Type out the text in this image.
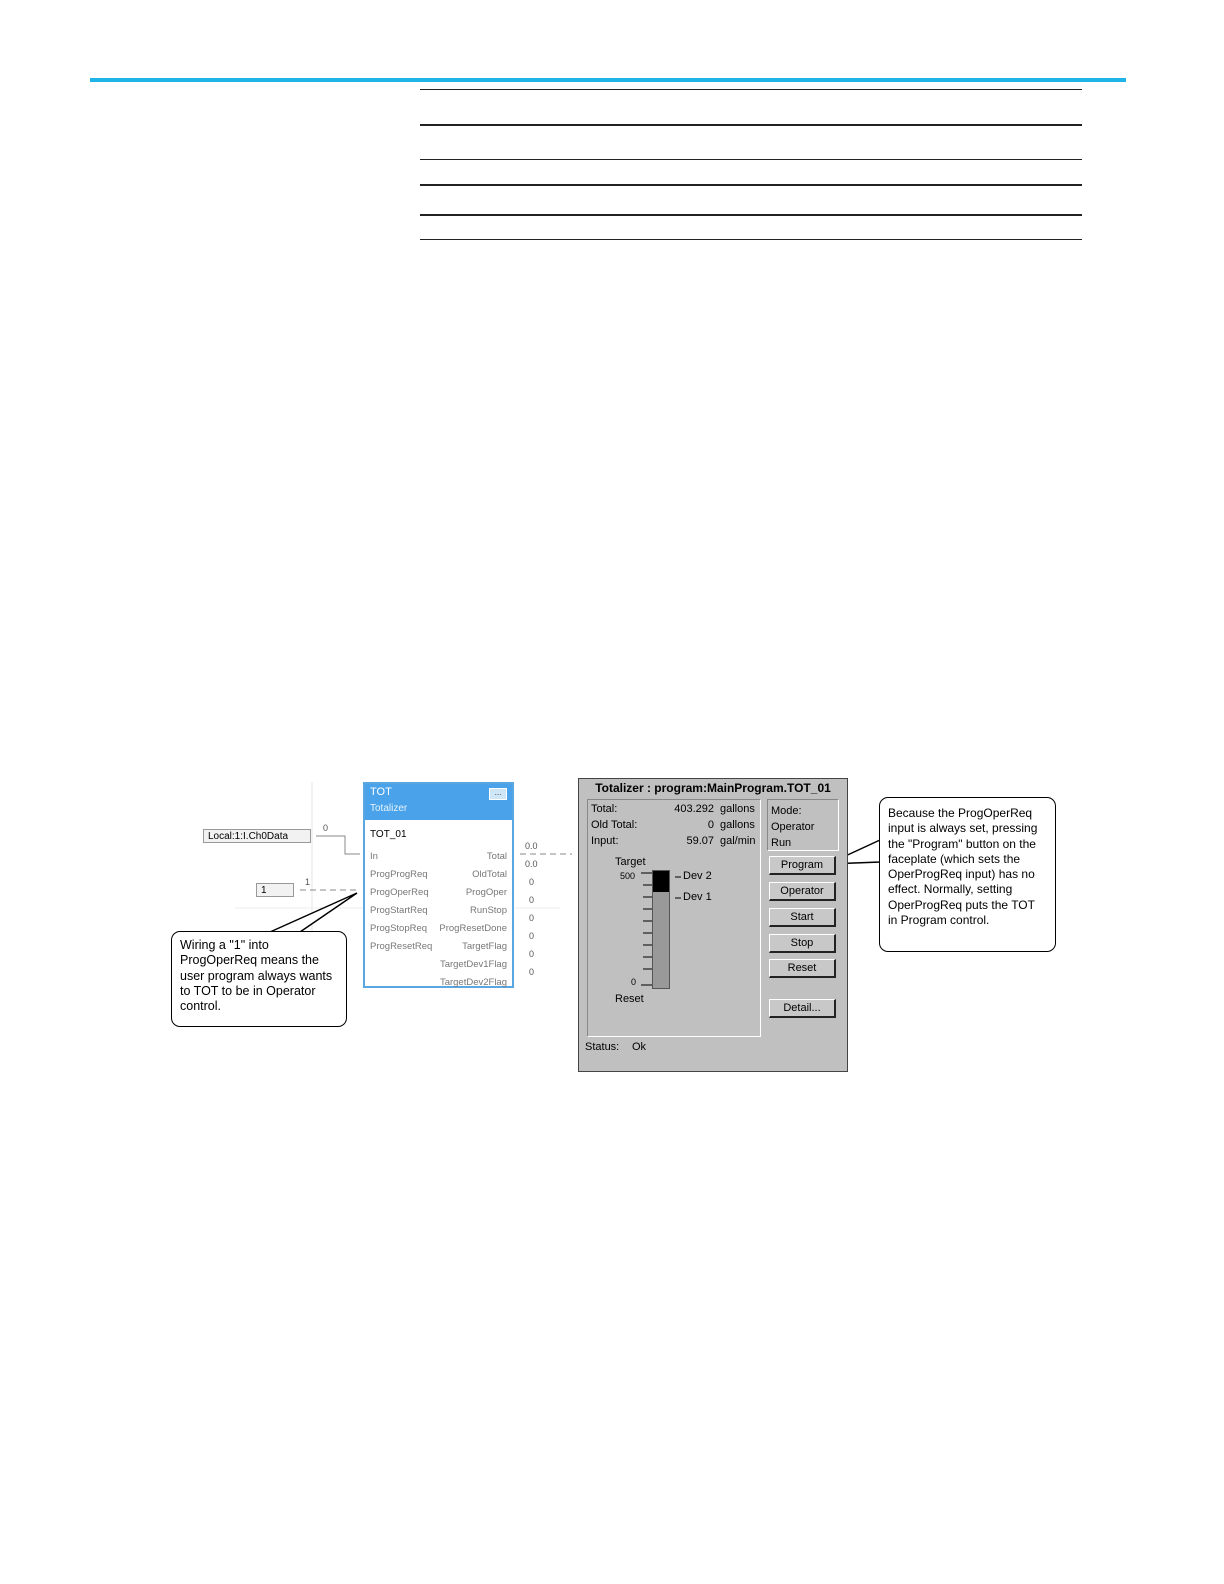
Local:1:I.Ch0Data
0
1
1
TOT
Totalizer
...
TOT_01
In
ProgProgReq
ProgOperReq
ProgStartReq
ProgStopReq
ProgResetReq
Total
OldTotal
ProgOper
RunStop
ProgResetDone
TargetFlag
TargetDev1Flag
TargetDev2Flag
0.0
0.0
0
0
0
0
0
0
Wiring a "1" into ProgOperReq means the user program always wants to TOT to be in Operator control.
Totalizer : program:MainProgram.TOT_01
Total:
Old Total:
Input:
403.292
0
59.07
gallons
gallons
gal/min
Mode:
Operator
Run
Target
500
0
Reset
Dev 2
Dev 1
Program
Operator
Start
Stop
Reset
Detail...
Status: Ok
Because the ProgOperReq input is always set, pressing the "Program" button on the faceplate (which sets the OperProgReq input) has no effect. Normally, setting OperProgReq puts the TOT in Program control.
